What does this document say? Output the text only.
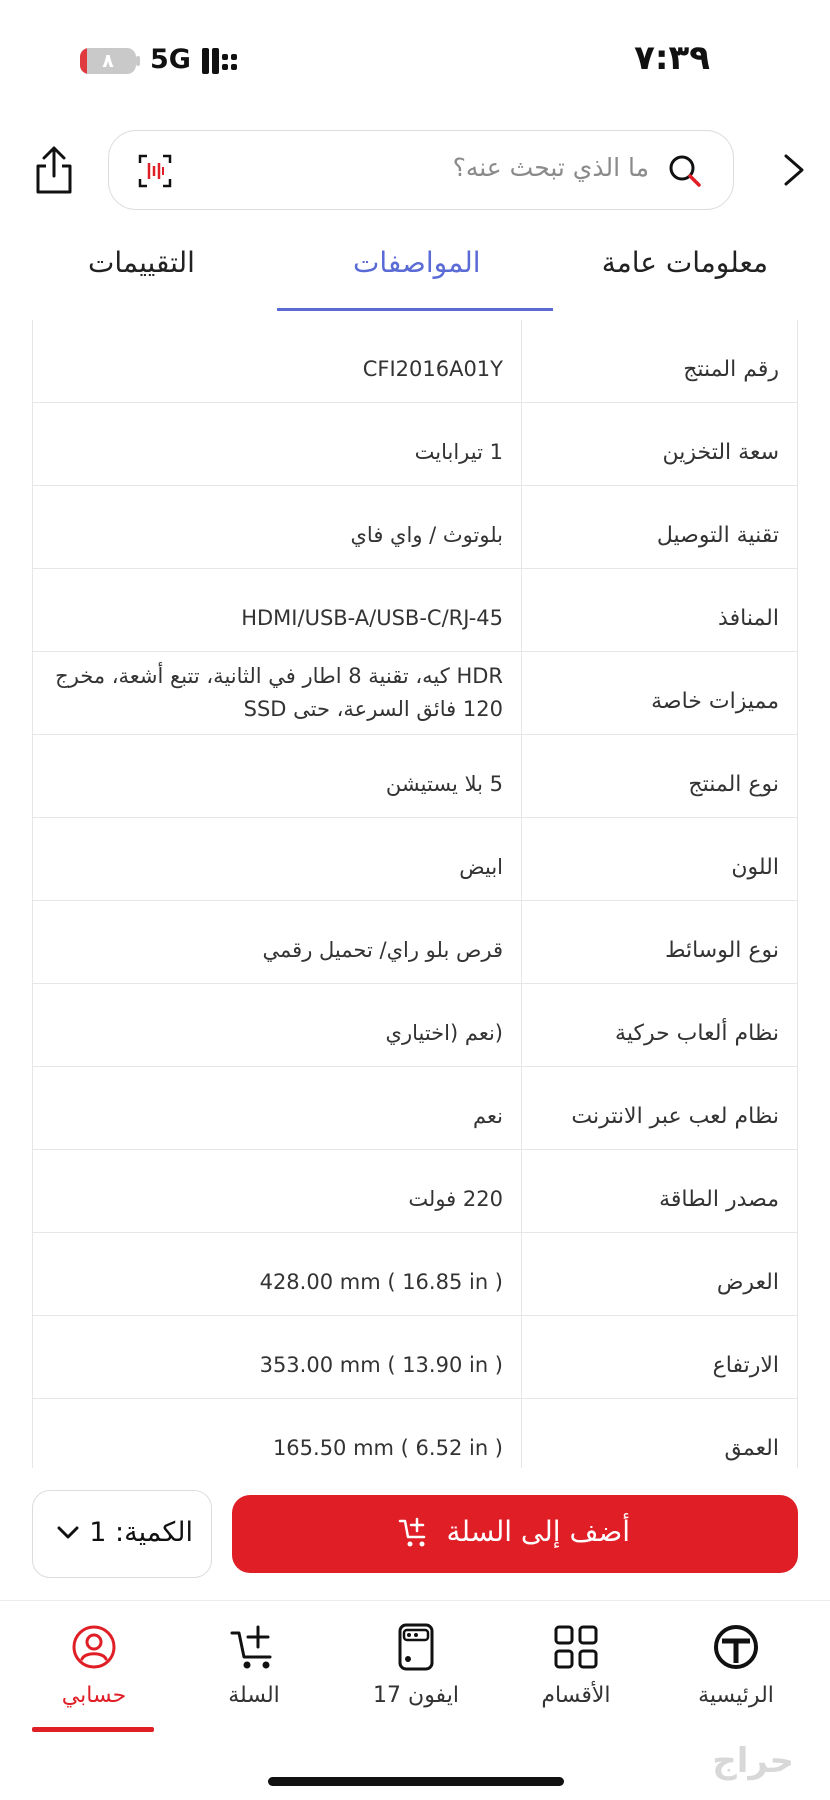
٨	5G	٧:٣٩
ما الذي تبحث عنه؟
معلومات عامة
المواصفات
التقييمات
رقم المنتج
CFI2016A01Y
سعة التخزين
1 تيرابايت
تقنية التوصيل
بلوتوث / واي فاي
المنافذ
HDMI/USB-A/USB-C/RJ-45
مميزات خاصة
HDR كيه، تقنية 8 اطار في الثانية، تتبع أشعة، مخرج 120 فائق السرعة، حتى SSD
نوع المنتج
5 بلا يستيشن
اللون
ابيض
نوع الوسائط
قرص بلو راي/ تحميل رقمي
نظام ألعاب حركية
(نعم (اختياري
نظام لعب عبر الانترنت
نعم
مصدر الطاقة
220 فولت
العرض
428.00 mm ( 16.85 in )
الارتفاع
353.00 mm ( 13.90 in )
العمق
165.50 mm ( 6.52 in )
الكمية: 1	أضف إلى السلة
الرئيسية
الأقسام
ايفون 17
السلة
حسابي
حراج
